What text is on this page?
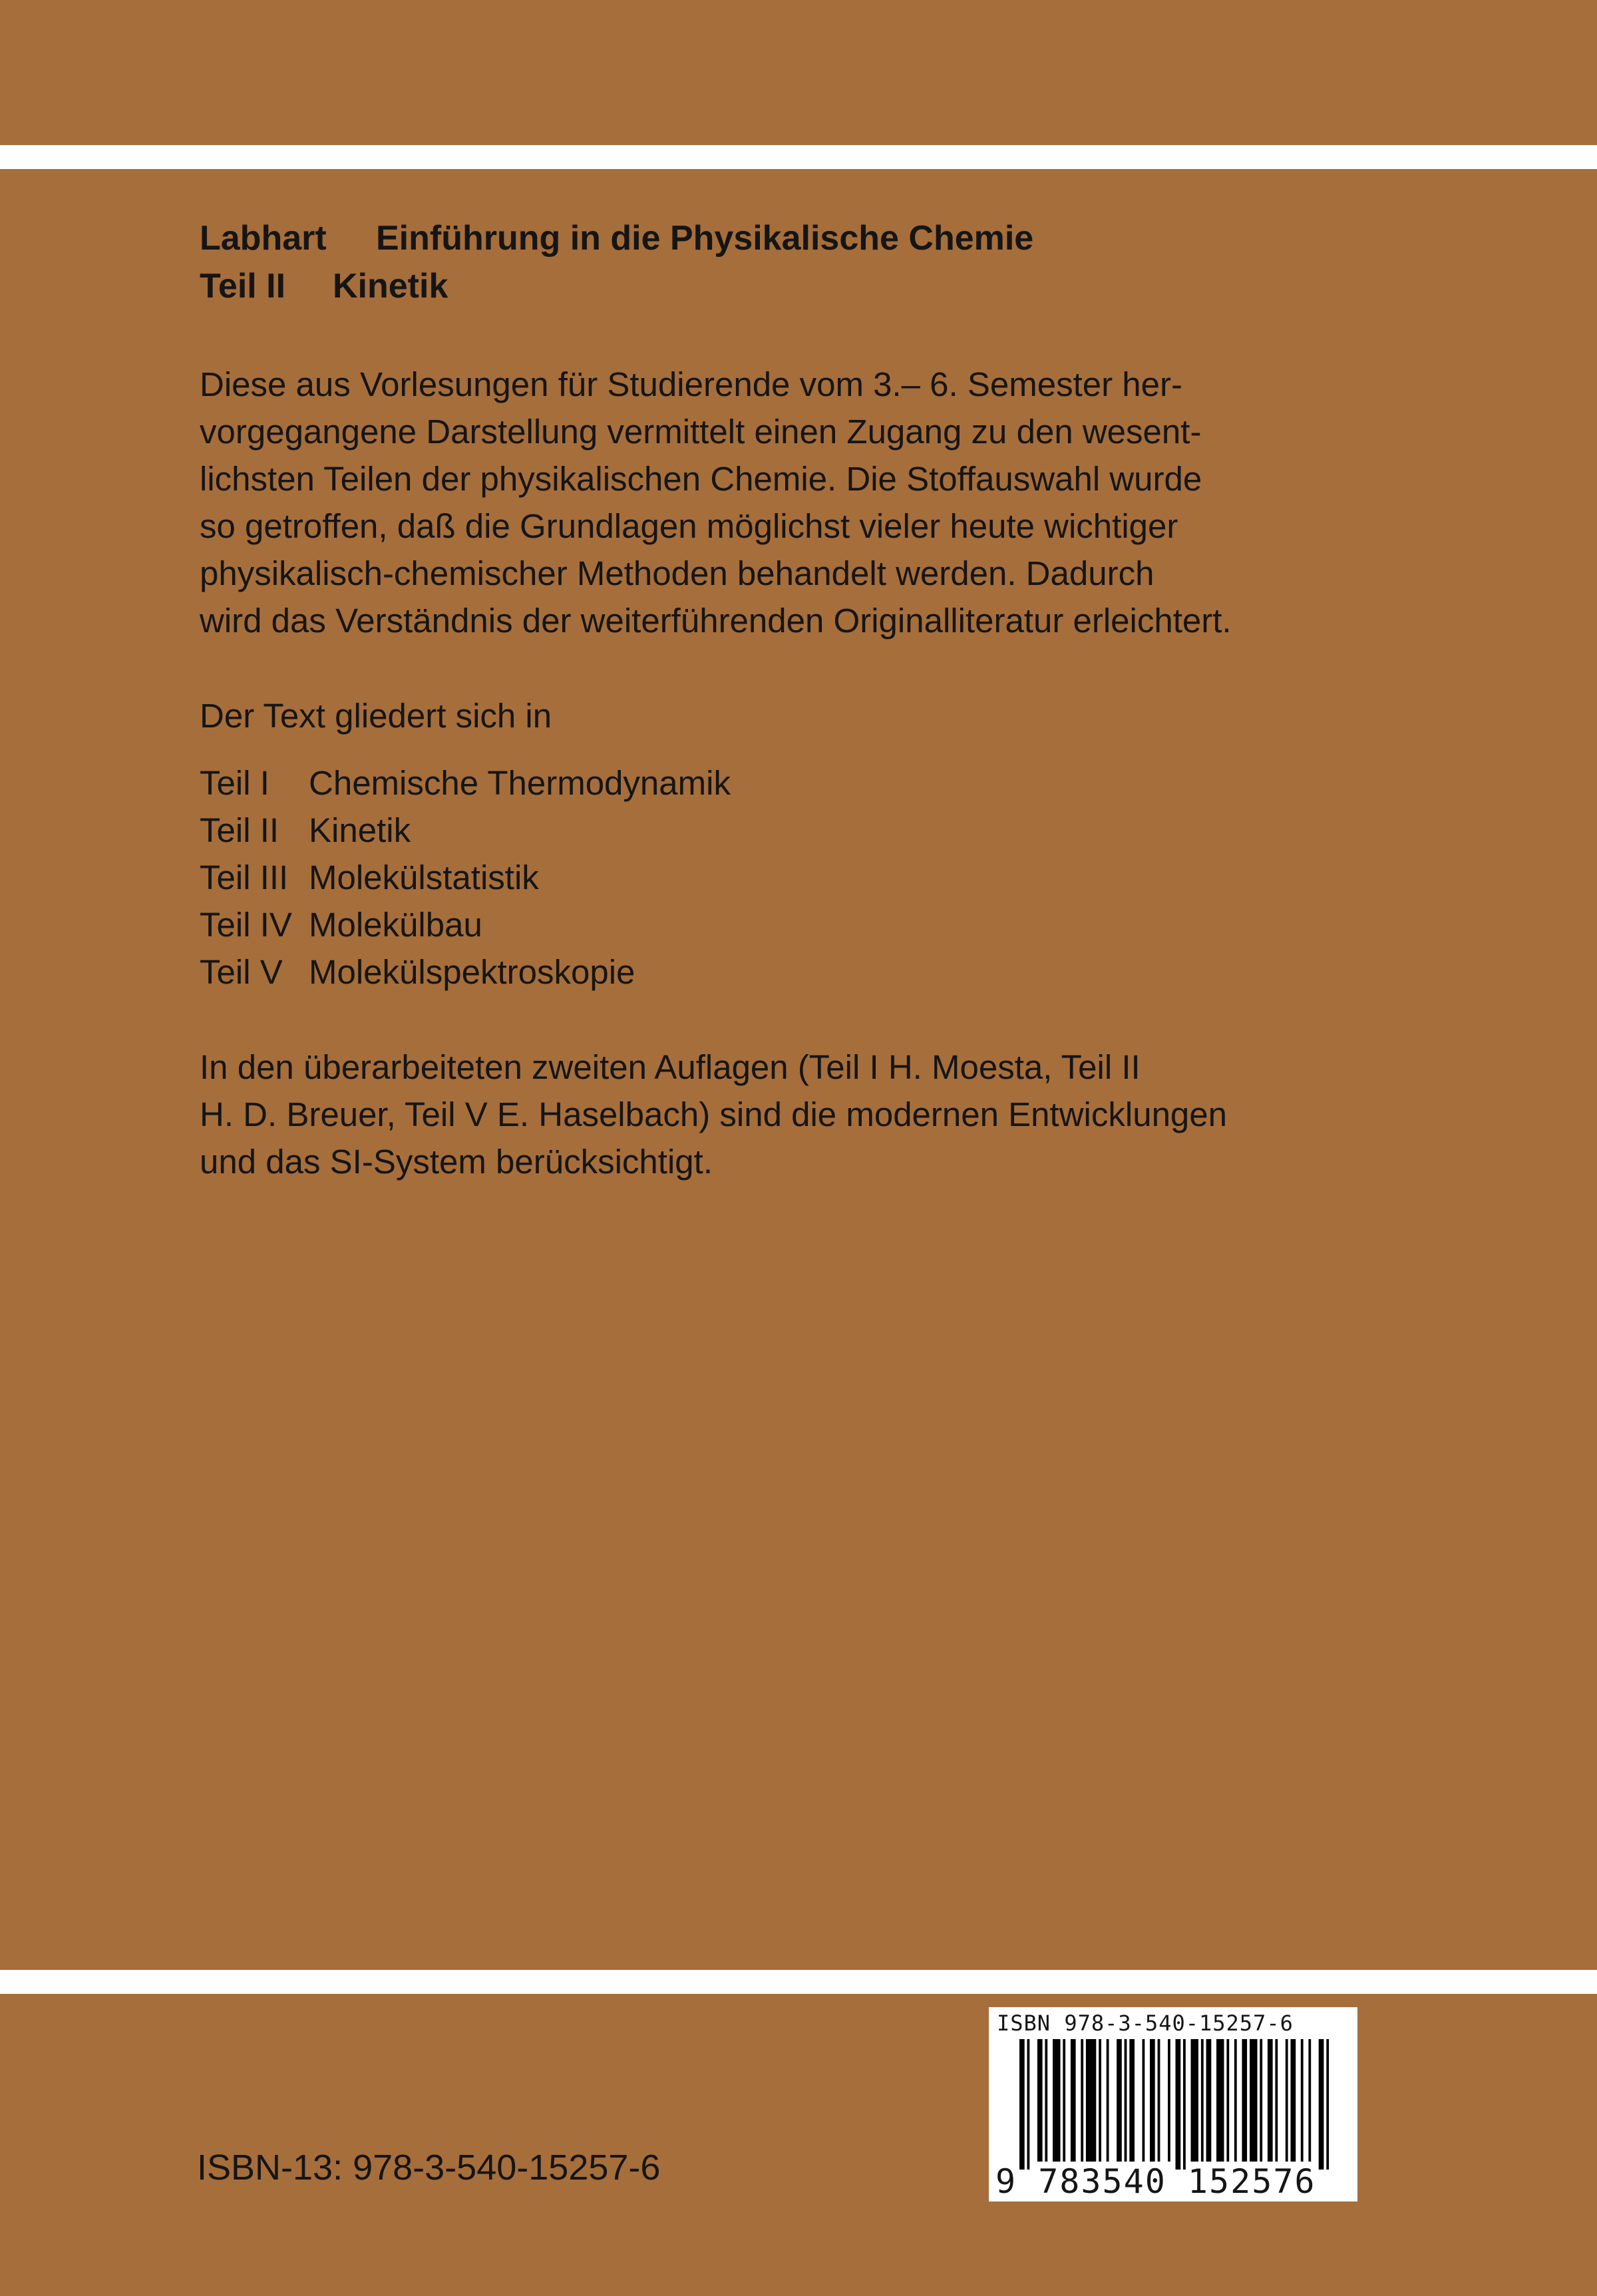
Labhart Einführung in die Physikalische Chemie
Teil II Kinetik
Diese aus Vorlesungen für Studierende vom 3.– 6. Semester her-
vorgegangene Darstellung vermittelt einen Zugang zu den wesent-
lichsten Teilen der physikalischen Chemie. Die Stoffauswahl wurde
so getroffen, daß die Grundlagen möglichst vieler heute wichtiger
physikalisch-chemischer Methoden behandelt werden. Dadurch
wird das Verständnis der weiterführenden Originalliteratur erleichtert.
Der Text gliedert sich in
Teil I Chemische Thermodynamik
Teil II Kinetik
Teil III Molekülstatistik
Teil IV Molekülbau
Teil V Molekülspektroskopie
In den überarbeiteten zweiten Auflagen (Teil I H. Moesta, Teil II
H. D. Breuer, Teil V E. Haselbach) sind die modernen Entwicklungen
und das SI-System berücksichtigt.
ISBN-13: 978-3-540-15257-6
ISBN 978-3-540-15257-6
9 783540 152576
